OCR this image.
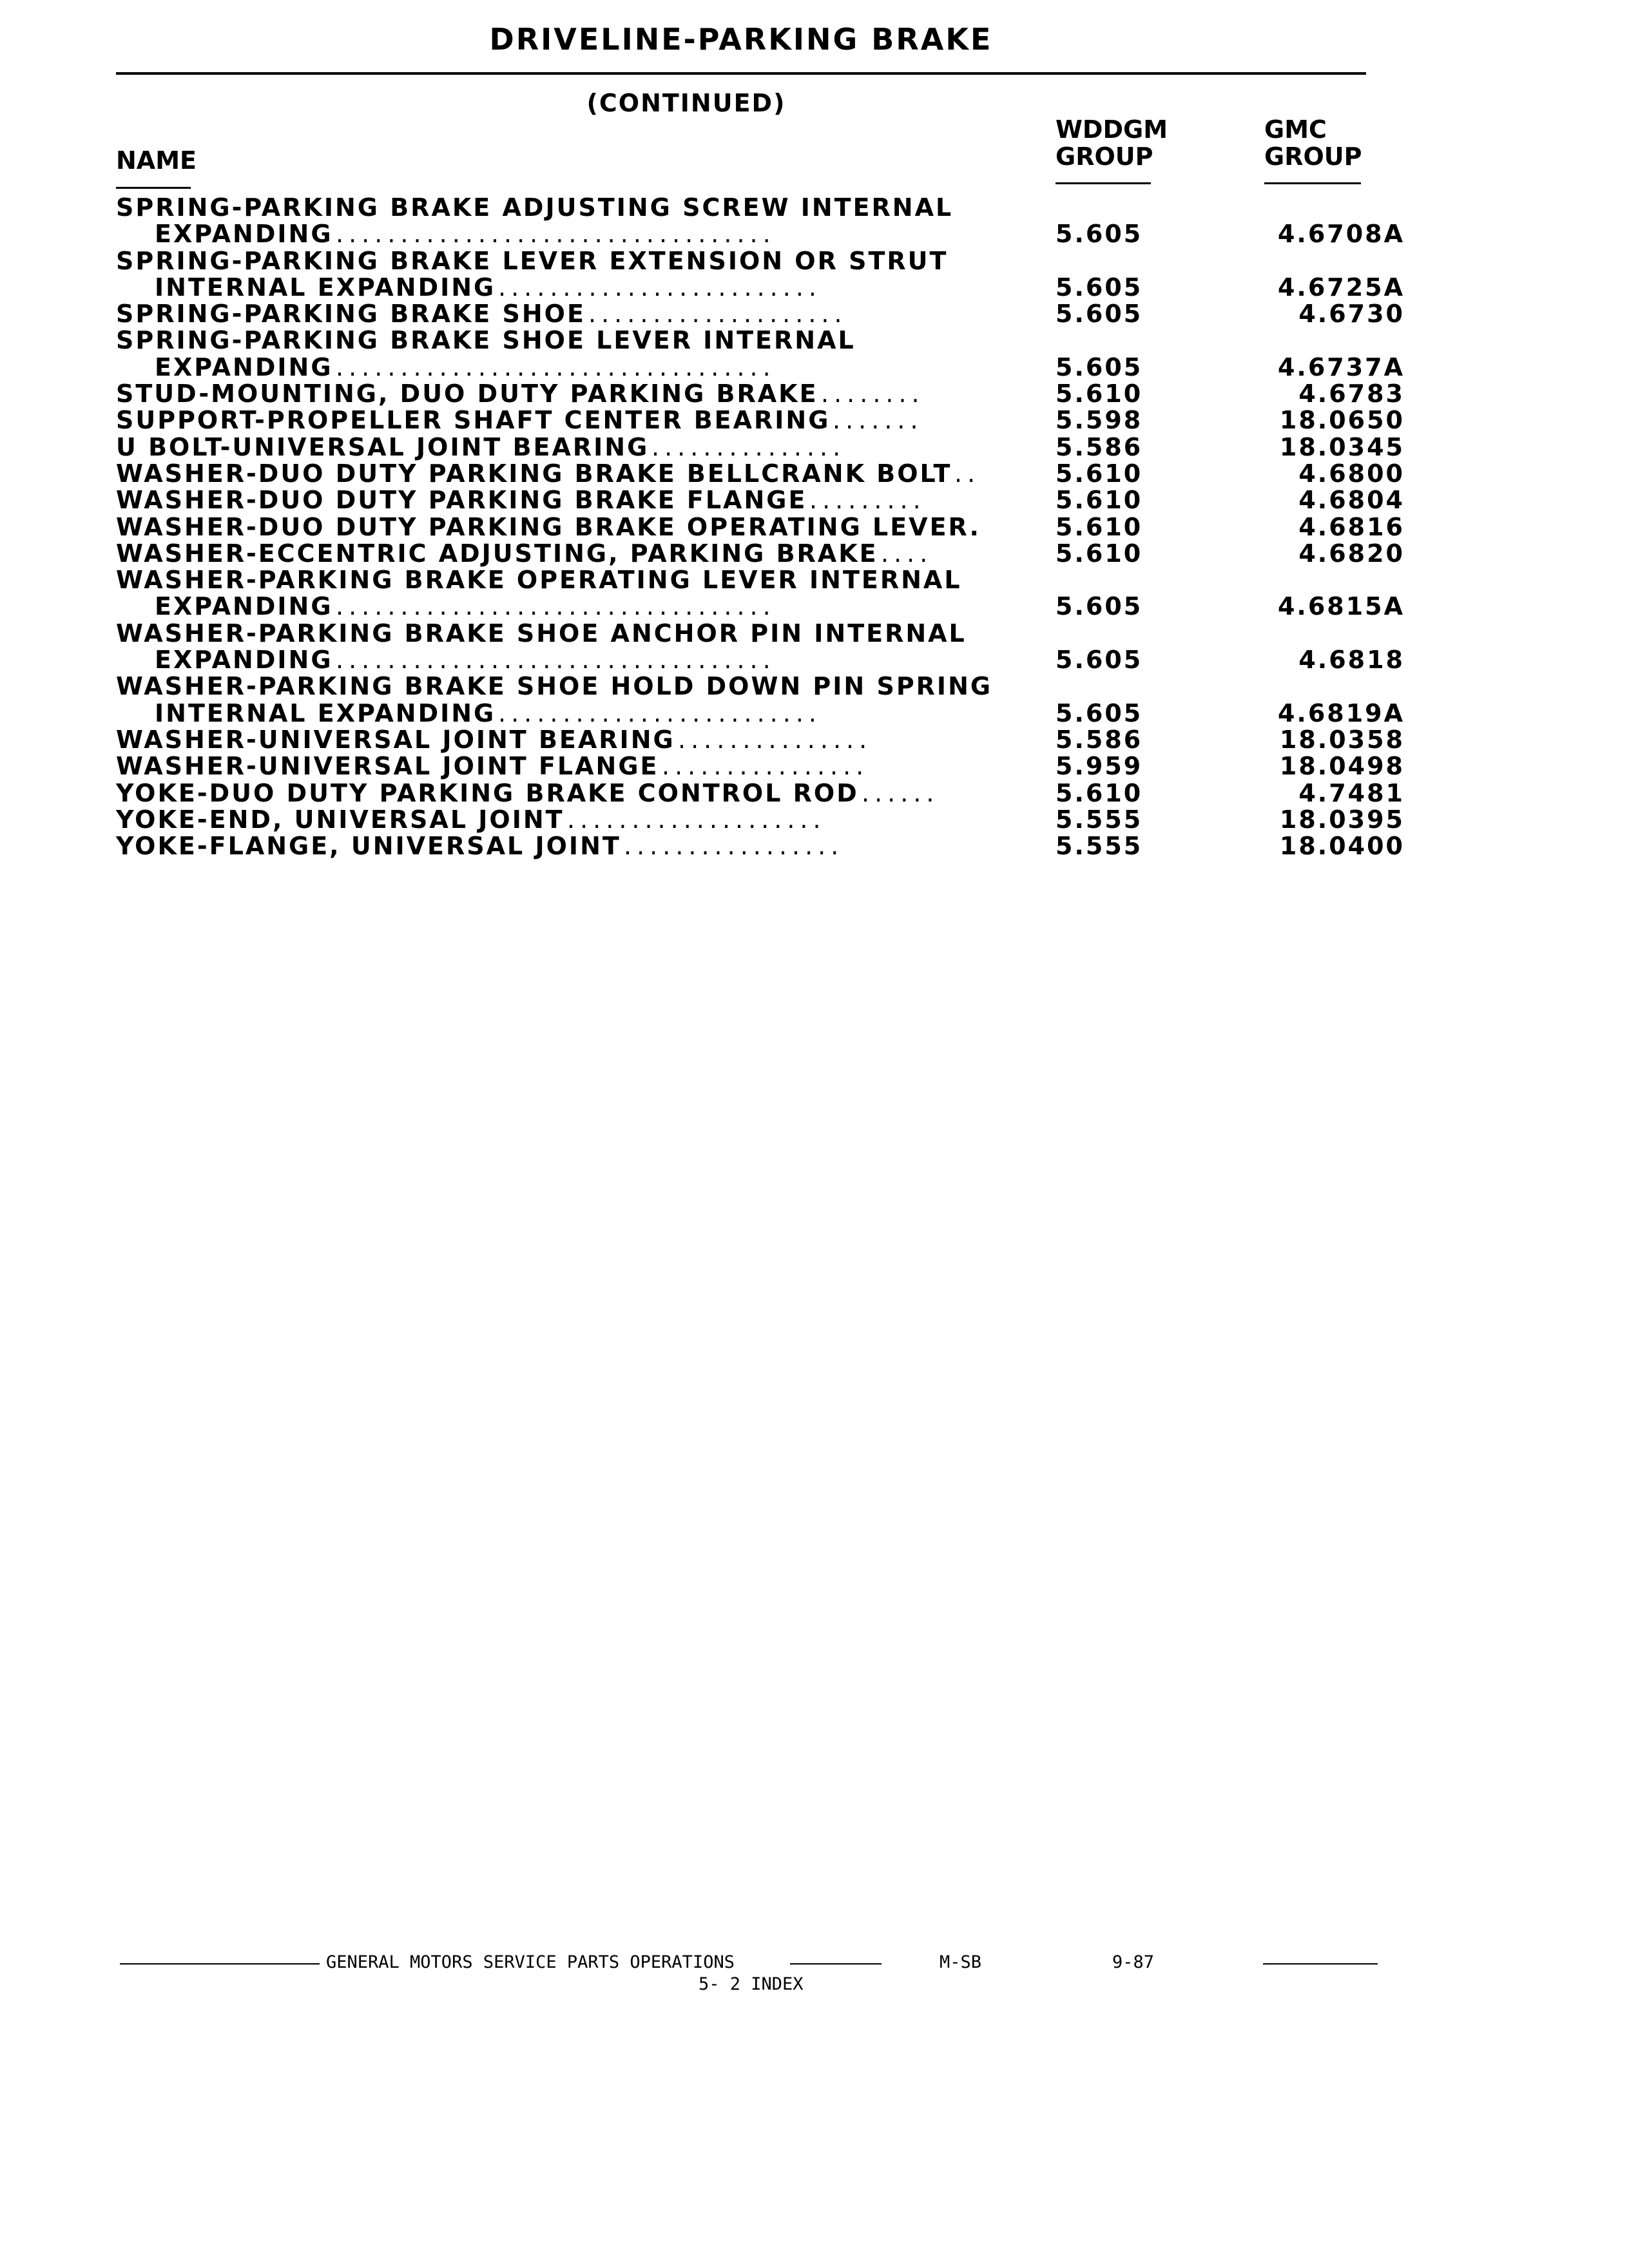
DRIVELINE-PARKING BRAKE
(CONTINUED)
NAME
WDDGM
GROUP
GMC
GROUP
SPRING-PARKING BRAKE ADJUSTING SCREW INTERNAL
EXPANDING ..................................	5.605	4.6708A
SPRING-PARKING BRAKE LEVER EXTENSION OR STRUT
INTERNAL EXPANDING .........................	5.605	4.6725A
SPRING-PARKING BRAKE SHOE ....................	5.605	4.6730
SPRING-PARKING BRAKE SHOE LEVER INTERNAL
EXPANDING ..................................	5.605	4.6737A
STUD-MOUNTING, DUO DUTY PARKING BRAKE ........	5.610	4.6783
SUPPORT-PROPELLER SHAFT CENTER BEARING .......	5.598	18.0650
U BOLT-UNIVERSAL JOINT BEARING ...............	5.586	18.0345
WASHER-DUO DUTY PARKING BRAKE BELLCRANK BOLT ..	5.610	4.6800
WASHER-DUO DUTY PARKING BRAKE FLANGE .........	5.610	4.6804
WASHER-DUO DUTY PARKING BRAKE OPERATING LEVER.	5.610	4.6816
WASHER-ECCENTRIC ADJUSTING, PARKING BRAKE ....	5.610	4.6820
WASHER-PARKING BRAKE OPERATING LEVER INTERNAL
EXPANDING ..................................	5.605	4.6815A
WASHER-PARKING BRAKE SHOE ANCHOR PIN INTERNAL
EXPANDING ..................................	5.605	4.6818
WASHER-PARKING BRAKE SHOE HOLD DOWN PIN SPRING
INTERNAL EXPANDING .........................	5.605	4.6819A
WASHER-UNIVERSAL JOINT BEARING ...............	5.586	18.0358
WASHER-UNIVERSAL JOINT FLANGE ................	5.959	18.0498
YOKE-DUO DUTY PARKING BRAKE CONTROL ROD ......	5.610	4.7481
YOKE-END, UNIVERSAL JOINT ....................	5.555	18.0395
YOKE-FLANGE, UNIVERSAL JOINT .................	5.555	18.0400
GENERAL MOTORS SERVICE PARTS OPERATIONS	M-SB	9-87
5- 2 INDEX
